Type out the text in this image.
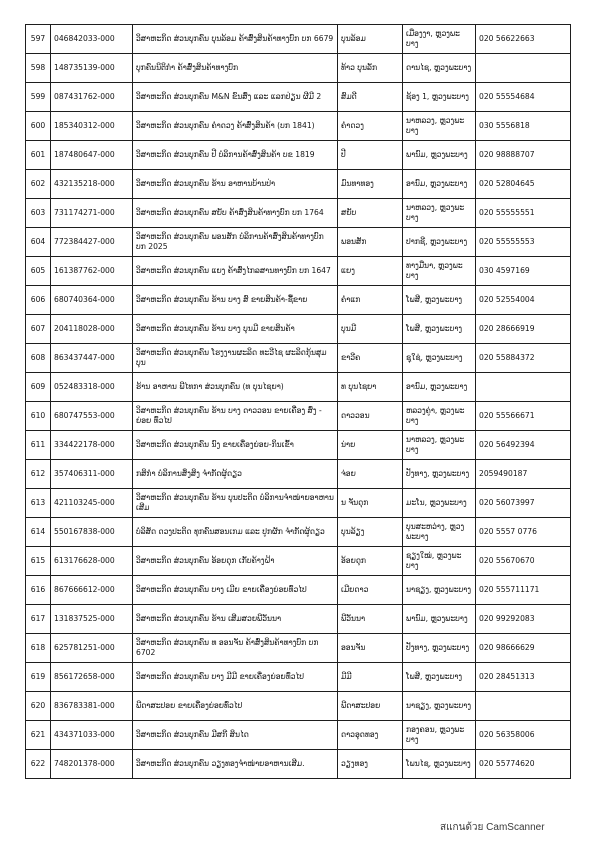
597	046842033-000	ວິສາຫະກິດ ສ່ວນບຸກຄົນ ບຸນລ້ອມ ຄ້າສົ່ງສິນຄ້າທາງບົກ ບກ 6679	ບຸນລ້ອມ	ເມືອງງາ, ຫຼວງພະບາງ	020 56622663
598	148735139-000	ບຸກຄົນນິຕິກຳ ຄ້າສົ່ງສິນຄ້າທາງບົກ	ທ້າວ ບຸນລັກ	ດານໄຊ, ຫຼວງພະບາງ	
599	087431762-000	ວິສາຫະກິດ ສ່ວນບຸກຄົນ M&N ຂົນສົ່ງ ແລະ ແລກປ່ຽນ ຜີມີ 2	ສົມດີ	ຊ້ອງ 1, ຫຼວງພະບາງ	020 55554684
600	185340312-000	ວິສາຫະກິດ ສ່ວນບຸກຄົນ ຄຳດວງ ຄ້າສົ່ງສິນຄ້າ (ບກ 1841)	ຄຳດວງ	ນາຫລວງ, ຫຼວງພະບາງ	030 5556818
601	187480647-000	ວິສາຫະກິດ ສ່ວນບຸກຄົນ ປີ ບໍລິການຄ້າສົ່ງສິນຄ້າ ບຂ 1819	ປີ	ພານົມ, ຫຼວງພະບາງ	020 98888707
602	432135218-000	ວິສາຫະກິດ ສ່ວນບຸກຄົນ ຮ້ານ ອາຫານບ້ານປ່າ	ມົນທາທອງ	ອານົມ, ຫຼວງພະບາງ	020 52804645
603	731174271-000	ວິສາຫະກິດ ສ່ວນບຸກຄົນ ສຍັບ ຄ້າສົ່ງສິນຄ້າທາງບົກ ບກ 1764	ສຍັບ	ນາຫລວງ, ຫຼວງພະບາງ	020 55555551
604	772384427-000	ວິສາຫະກິດ ສ່ວນບຸກຄົນ ພອນສັກ ບໍລິການຄ້າສົ່ງສິນຄ້າທາງບົກ ບກ 2025	ພອນສັກ	ປາກຊີ, ຫຼວງພະບາງ	020 55555553
605	161387762-000	ວິສາຫະກິດ ສ່ວນບຸກຄົນ ແຍງ ຄ້າສົ່ງໄກລສານທາງບົກ ບກ 1647	ແຍງ	ທາງມືນາ, ຫຼວງພະບາງ	030 4597169
606	680740364-000	ວິສາຫະກິດ ສ່ວນບຸກຄົນ ຮ້ານ ບາງ ສົ ຂາຍສິນຄ້າ-ຊື້ຂາຍ	ຄຳແກ	ໂພສີ, ຫຼວງພະບາງ	020 52554004
607	204118028-000	ວິສາຫະກິດ ສ່ວນບຸກຄົນ ຮ້ານ ບາງ ບຸນມີ ຂາຍສິນຄ້າ	ບຸນມີ	ໂພສີ, ຫຼວງພະບາງ	020 28666919
608	863437447-000	ວິສາຫະກິດ ສ່ວນບຸກຄົນ ໂຮງງານຜະລິດ ທະວີໄຊ ຜະລິດກຸ້ນສຸມບຸນ	ຂາວີຄ	ຊຸໃຊ່, ຫຼວງພະບາງ	020 55884372
609	052483318-000	ຮ້ານ ອາຫານ ພີໄທກາ ສ່ວນບຸກຄົນ (ທ ບຸນໄຊຍາ)	ທ ບຸນໄຊຍາ	ອານົມ, ຫຼວງພະບາງ	
610	680747553-000	ວິສາຫະກິດ ສ່ວນບຸກຄົນ ຮ້ານ ບາງ ດາວວອນ ຂາຍເຄື່ອງ ສົ່ງ - ຍ່ອຍ ທົ່ວໄປ	ດາວວອນ	ຫລວງຄູ່າ, ຫຼວງພະບາງ	020 55566671
611	334422178-000	ວິສາຫະກິດ ສ່ວນບຸກຄົນ ນົງ ຂາຍເຄື່ອງຍ່ອຍ-ກິນເຂົ້າ	ນ່າຍ	ນາຫລວງ, ຫຼວງພະບາງ	020 56492394
612	357406311-000	ກສິກຳ ບໍລິການສິ່ງສິງ ຈຳກັດຜູ້ດຽວ	ຈ່ອຍ	ປັງທາງ, ຫຼວງພະບາງ	2059490187
613	421103245-000	ວິສາຫະກິດ ສ່ວນບຸກຄົນ ຮ້ານ ບຸນປະຕິດ ບໍລິການຈຳໜ່າຍອາຫານເສີມ	ນ ຈັນດຸກ	ມະໂນ, ຫຼວງພະບາງ	020 56073997
614	550167838-000	ບໍລິສັດ ດວງປະຕິດ ທຸກຄົນສອນເກມ ແລະ ປູກຜັກ ຈຳກັດຜູ້ດຽວ	ບຸນລ້ຽງ	ບຸນສະຫວ່າງ, ຫຼວງພະບາງ	020 5557 0776
615	613176628-000	ວິສາຫະກິດ ສ່ວນບຸກຄົນ ອ້ອຍດຸກ ເກັບຄ້າງຝ້າ	ອ້ອຍດຸກ	ຊຽງໃໝ່, ຫຼວງພະບາງ	020 55670670
616	867666612-000	ວິສາຫະກິດ ສ່ວນບຸກຄົນ ບາງ ເມີຍ ຂາຍເຄື່ອງຍ່ອຍທົ່ວໄປ	ເມີຍດາວ	ນາຊຽງ, ຫຼວງພະບາງ	020 555711171
617	131837525-000	ວິສາຫະກິດ ສ່ວນບຸກຄົນ ຮ້ານ ເສີມສວຍພີວັນນາ	ພີວັນນາ	ພານົມ, ຫຼວງພະບາງ	020 99292083
618	625781251-000	ວິສາຫະກິດ ສ່ວນບຸກຄົນ ທ ອອນຈັນ ຄ້າສົ່ງສິນຄ້າທາງບົກ ບກ 6702	ອອນຈັນ	ປັງທາງ, ຫຼວງພະບາງ	020 98666629
619	856172658-000	ວິສາຫະກິດ ສ່ວນບຸກຄົນ ບາງ ມີມີ ຂາຍເຄື່ອງຍ່ອຍທົ່ວໄປ	ມີມີ	ໂພສີ, ຫຼວງພະບາງ	020 28451313
620	836783381-000	ພີດາສະປອຍ ຂາຍເຄື່ອງຍ່ອຍທົ່ວໄປ	ພີດາສະປອຍ	ນາຊຽງ, ຫຼວງພະບາງ	
621	434371033-000	ວິສາຫະກິດ ສ່ວນບຸກຄົນ ມີສກີ ສິນໄດ	ດາວອຸດທອງ	ກອງຄອນ, ຫຼວງພະບາງ	020 56358006
622	748201378-000	ວິສາຫະກິດ ສ່ວນບຸກຄົນ ວຽງທອງຈຳໜ່າຍອາຫານເສີມ.	ວຽງທອງ	ໂພນໄຊ, ຫຼວງພະບາງ	020 55774620
สแกนด้วย CamScanner
